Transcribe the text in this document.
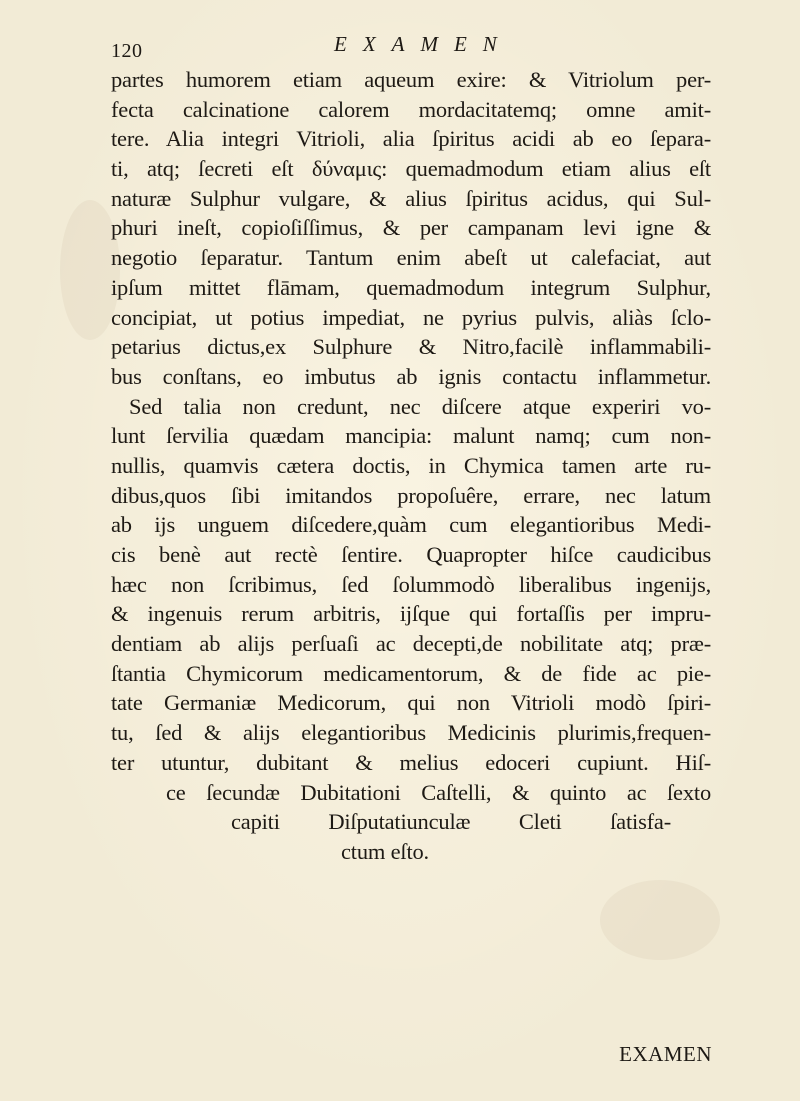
120	EXAMEN
partes humorem etiam aqueum exire: & Vitriolum per-
fecta calcinatione calorem mordacitatemq; omne amit-
tere. Alia integri Vitrioli, alia ſpiritus acidi ab eo ſepara-
ti, atq; ſecreti eſt δύναμις: quemadmodum etiam alius eſt
naturæ Sulphur vulgare, & alius ſpiritus acidus, qui Sul-
phuri ineſt, copioſiſſimus, & per campanam levi igne &
negotio ſeparatur. Tantum enim abeſt ut calefaciat, aut
ipſum mittet flāmam, quemadmodum integrum Sulphur,
concipiat, ut potius impediat, ne pyrius pulvis, aliàs ſclo-
petarius dictus,ex Sulphure & Nitro,facilè inflammabili-
bus conſtans, eo imbutus ab ignis contactu inflammetur.
Sed talia non credunt, nec diſcere atque experiri vo-
lunt ſervilia quædam mancipia: malunt namq; cum non-
nullis, quamvis cætera doctis, in Chymica tamen arte ru-
dibus,quos ſibi imitandos propoſuêre, errare, nec latum
ab ijs unguem diſcedere,quàm cum elegantioribus Medi-
cis benè aut rectè ſentire. Quapropter hiſce caudicibus
hæc non ſcribimus, ſed ſolummodò liberalibus ingenijs,
& ingenuis rerum arbitris, ijſque qui fortaſſis per impru-
dentiam ab alijs perſuaſi ac decepti,de nobilitate atq; præ-
ſtantia Chymicorum medicamentorum, & de fide ac pie-
tate Germaniæ Medicorum, qui non Vitrioli modò ſpiri-
tu, ſed & alijs elegantioribus Medicinis plurimis,frequen-
ter utuntur, dubitant & melius edoceri cupiunt. Hiſ-
ce ſecundæ Dubitationi Caſtelli, & quinto ac ſexto
capiti Diſputatiunculæ Cleti ſatisfa-
ctum eſto.
EXAMEN
